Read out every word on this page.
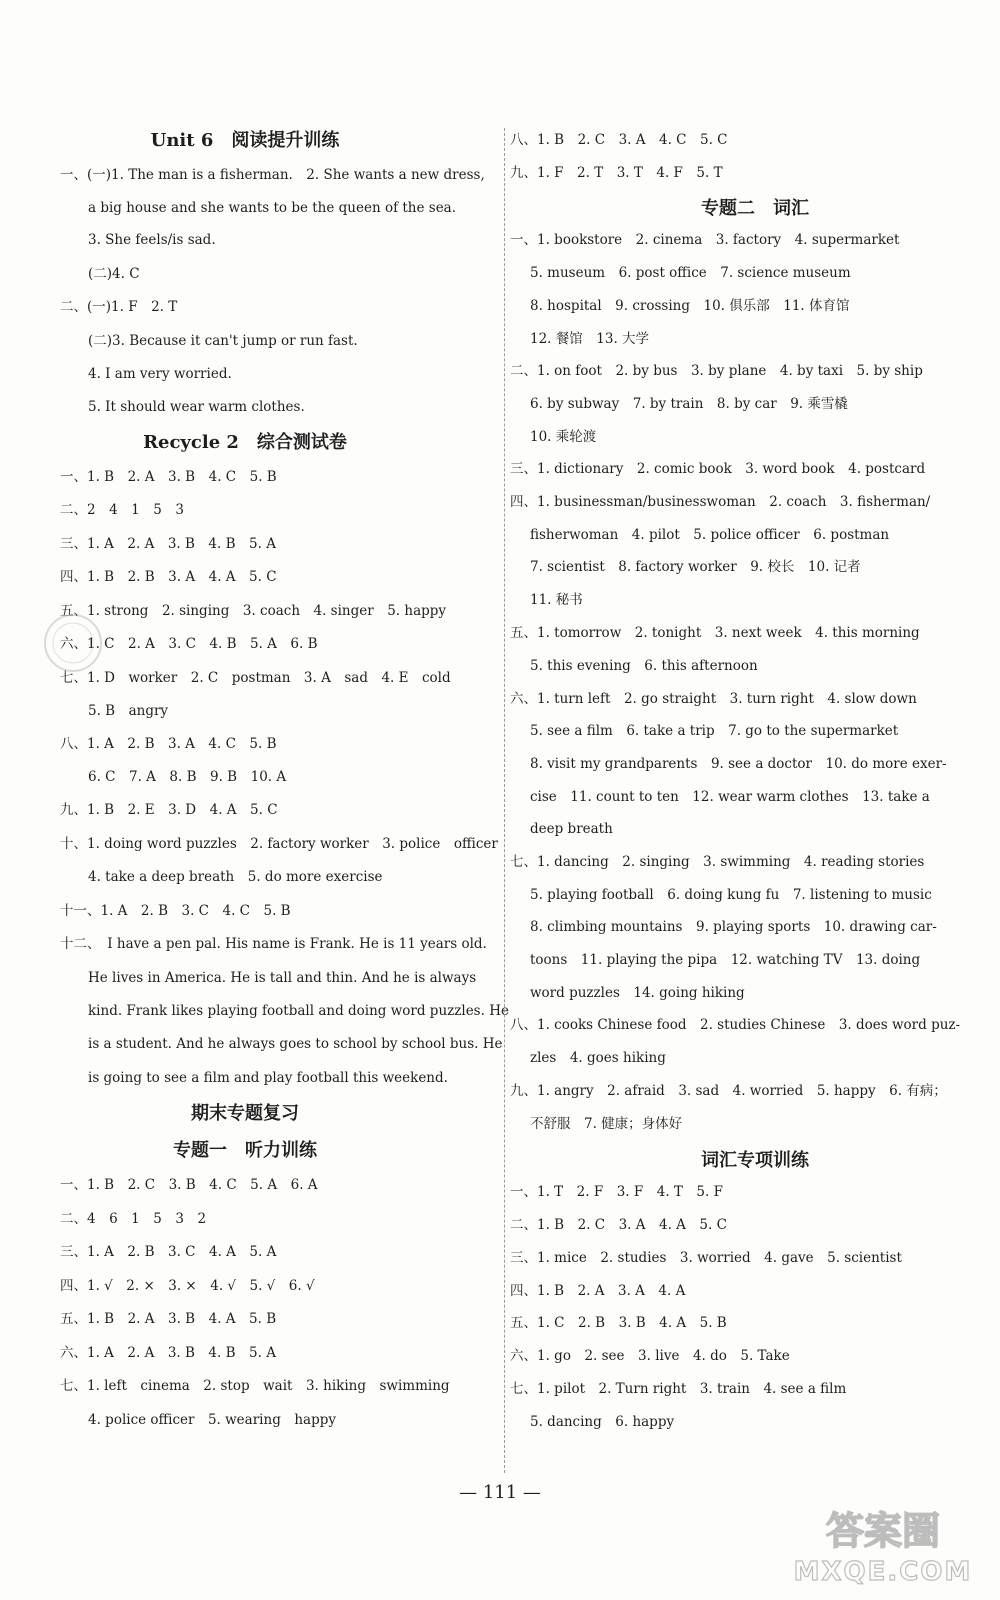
Unit 6　阅读提升训练
一、(一)1. The man is a fisherman.　2. She wants a new dress,
a big house and she wants to be the queen of the sea.
3. She feels/is sad.
(二)4. C
二、(一)1. F　2. T
(二)3. Because it can't jump or run fast.
4. I am very worried.
5. It should wear warm clothes.
Recycle 2　综合测试卷
一、1. B　2. A　3. B　4. C　5. B
二、2　4　1　5　3
三、1. A　2. A　3. B　4. B　5. A
四、1. B　2. B　3. A　4. A　5. C
五、1. strong　2. singing　3. coach　4. singer　5. happy
六、1. C　2. A　3. C　4. B　5. A　6. B
七、1. D　worker　2. C　postman　3. A　sad　4. E　cold
5. B　angry
八、1. A　2. B　3. A　4. C　5. B
6. C　7. A　8. B　9. B　10. A
九、1. B　2. E　3. D　4. A　5. C
十、1. doing word puzzles　2. factory worker　3. police　officer
4. take a deep breath　5. do more exercise
十一、1. A　2. B　3. C　4. C　5. B
十二、　I have a pen pal. His name is Frank. He is 11 years old.
He lives in America. He is tall and thin. And he is always
kind. Frank likes playing football and doing word puzzles. He
is a student. And he always goes to school by school bus. He
is going to see a film and play football this weekend.
期末专题复习
专题一　听力训练
一、1. B　2. C　3. B　4. C　5. A　6. A
二、4　6　1　5　3　2
三、1. A　2. B　3. C　4. A　5. A
四、1. √　2. ×　3. ×　4. √　5. √　6. √
五、1. B　2. A　3. B　4. A　5. B
六、1. A　2. A　3. B　4. B　5. A
七、1. left　cinema　2. stop　wait　3. hiking　swimming
4. police officer　5. wearing　happy
八、1. B　2. C　3. A　4. C　5. C
九、1. F　2. T　3. T　4. F　5. T
专题二　词汇
一、1. bookstore　2. cinema　3. factory　4. supermarket
5. museum　6. post office　7. science museum
8. hospital　9. crossing　10. 俱乐部　11. 体育馆
12. 餐馆　13. 大学
二、1. on foot　2. by bus　3. by plane　4. by taxi　5. by ship
6. by subway　7. by train　8. by car　9. 乘雪橇
10. 乘轮渡
三、1. dictionary　2. comic book　3. word book　4. postcard
四、1. businessman/businesswoman　2. coach　3. fisherman/
fisherwoman　4. pilot　5. police officer　6. postman
7. scientist　8. factory worker　9. 校长　10. 记者
11. 秘书
五、1. tomorrow　2. tonight　3. next week　4. this morning
5. this evening　6. this afternoon
六、1. turn left　2. go straight　3. turn right　4. slow down
5. see a film　6. take a trip　7. go to the supermarket
8. visit my grandparents　9. see a doctor　10. do more exer-
cise　11. count to ten　12. wear warm clothes　13. take a
deep breath
七、1. dancing　2. singing　3. swimming　4. reading stories
5. playing football　6. doing kung fu　7. listening to music
8. climbing mountains　9. playing sports　10. drawing car-
toons　11. playing the pipa　12. watching TV　13. doing
word puzzles　14. going hiking
八、1. cooks Chinese food　2. studies Chinese　3. does word puz-
zles　4. goes hiking
九、1. angry　2. afraid　3. sad　4. worried　5. happy　6. 有病；
不舒服　7. 健康；身体好
词汇专项训练
一、1. T　2. F　3. F　4. T　5. F
二、1. B　2. C　3. A　4. A　5. C
三、1. mice　2. studies　3. worried　4. gave　5. scientist
四、1. B　2. A　3. A　4. A
五、1. C　2. B　3. B　4. A　5. B
六、1. go　2. see　3. live　4. do　5. Take
七、1. pilot　2. Turn right　3. train　4. see a film
5. dancing　6. happy
— 111 —
答案圈
MXQE.COM
